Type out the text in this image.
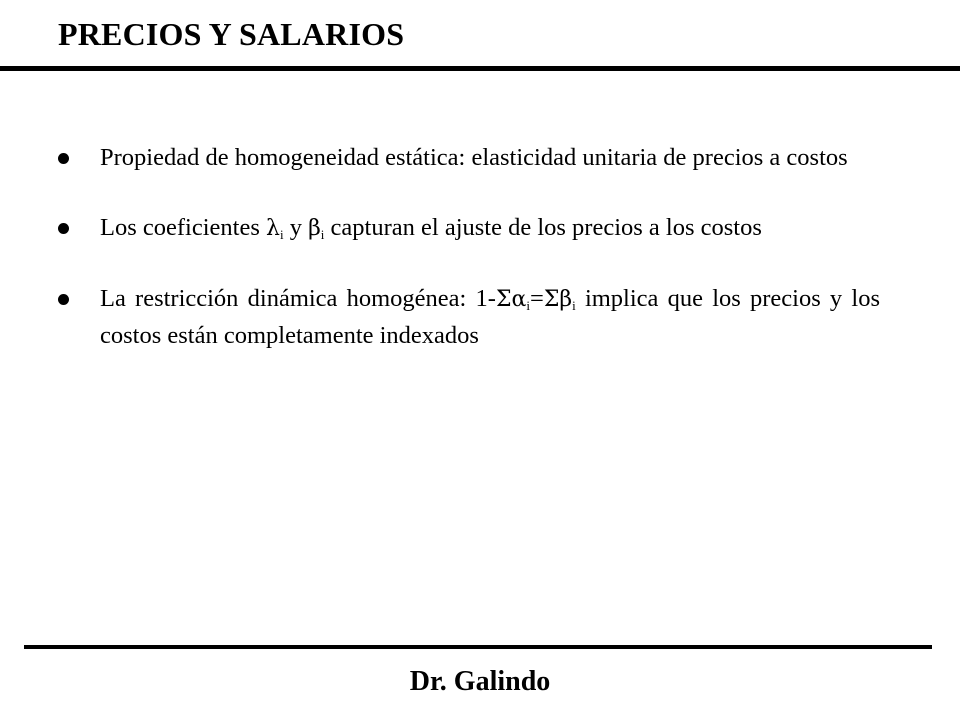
PRECIOS Y SALARIOS
Propiedad de homogeneidad estática: elasticidad unitaria de precios a costos
Los coeficientes $\lambda_i$ y $\beta_i$ capturan el ajuste de los precios a los costos
La restricción dinámica homogénea: $1-\Sigma\alpha_i=\Sigma\beta_i$ implica que los precios y los costos están completamente indexados
Dr. Galindo
